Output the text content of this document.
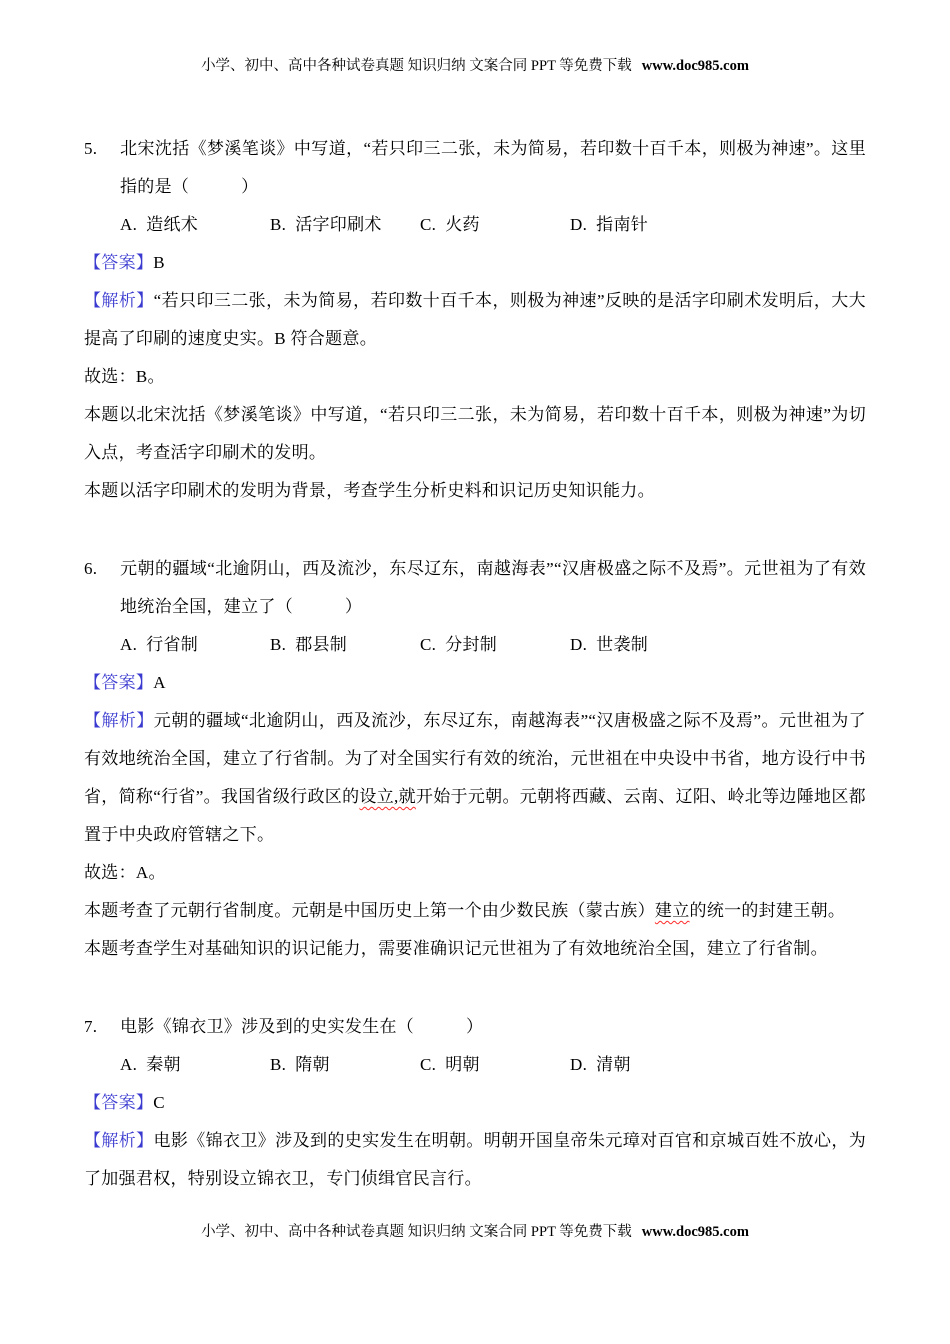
小学、初中、高中各种试卷真题 知识归纳 文案合同 PPT 等免费下载 www.doc985.com

5. 北宋沈括《梦溪笔谈》中写道，“若只印三二张，未为简易，若印数十百千本，则极为神速”。这里指的是（　　　）

A. 造纸术	B. 活字印刷术	C. 火药	D. 指南针

【答案】B

【解析】“若只印三二张，未为简易，若印数十百千本，则极为神速”反映的是活字印刷术发明后，大大提高了印刷的速度史实。B 符合题意。

故选：B。

本题以北宋沈括《梦溪笔谈》中写道，“若只印三二张，未为简易，若印数十百千本，则极为神速”为切入点，考查活字印刷术的发明。

本题以活字印刷术的发明为背景，考查学生分析史料和识记历史知识能力。

6. 元朝的疆域“北逾阴山，西及流沙，东尽辽东，南越海表”“汉唐极盛之际不及焉”。元世祖为了有效地统治全国，建立了（　　　）

A. 行省制	B. 郡县制	C. 分封制	D. 世袭制

【答案】A

【解析】元朝的疆域“北逾阴山，西及流沙，东尽辽东，南越海表”“汉唐极盛之际不及焉”。元世祖为了有效地统治全国，建立了行省制。为了对全国实行有效的统治，元世祖在中央设中书省，地方设行中书省，简称“行省”。我国省级行政区的设立,就开始于元朝。元朝将西藏、云南、辽阳、岭北等边陲地区都置于中央政府管辖之下。

故选：A。

本题考查了元朝行省制度。元朝是中国历史上第一个由少数民族（蒙古族）建立的统一的封建王朝。

本题考查学生对基础知识的识记能力，需要准确识记元世祖为了有效地统治全国，建立了行省制。

7. 电影《锦衣卫》涉及到的史实发生在（　　　）

A. 秦朝	B. 隋朝	C. 明朝	D. 清朝

【答案】C

【解析】电影《锦衣卫》涉及到的史实发生在明朝。明朝开国皇帝朱元璋对百官和京城百姓不放心，为了加强君权，特别设立锦衣卫，专门侦缉官民言行。

小学、初中、高中各种试卷真题 知识归纳 文案合同 PPT 等免费下载 www.doc985.com
